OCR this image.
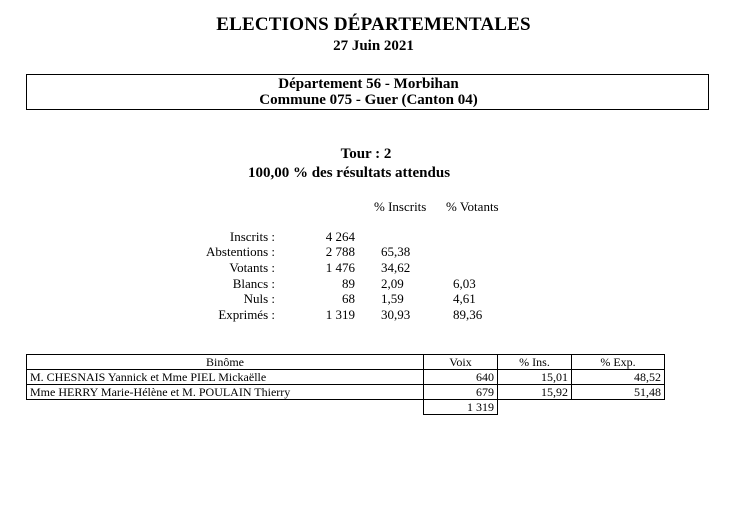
ELECTIONS DÉPARTEMENTALES
27 Juin 2021
Département 56 - Morbihan
Commune 075 - Guer (Canton 04)
Tour : 2
100,00 % des résultats attendus
% Inscrits % Votants
Inscrits :	4 264
Abstentions :	2 788 65,38
Votants :	1 476 34,62
Blancs :	89 2,09	6,03
Nuls :	68 1,59	4,61
Exprimés :	1 319 30,93	89,36
Binôme	Voix	% Ins.	% Exp.
M. CHESNAIS Yannick et Mme PIEL Mickaëlle	640	15,01	48,52
Mme HERRY Marie-Hélène et M. POULAIN Thierry	679	15,92	51,48
	1 319		
